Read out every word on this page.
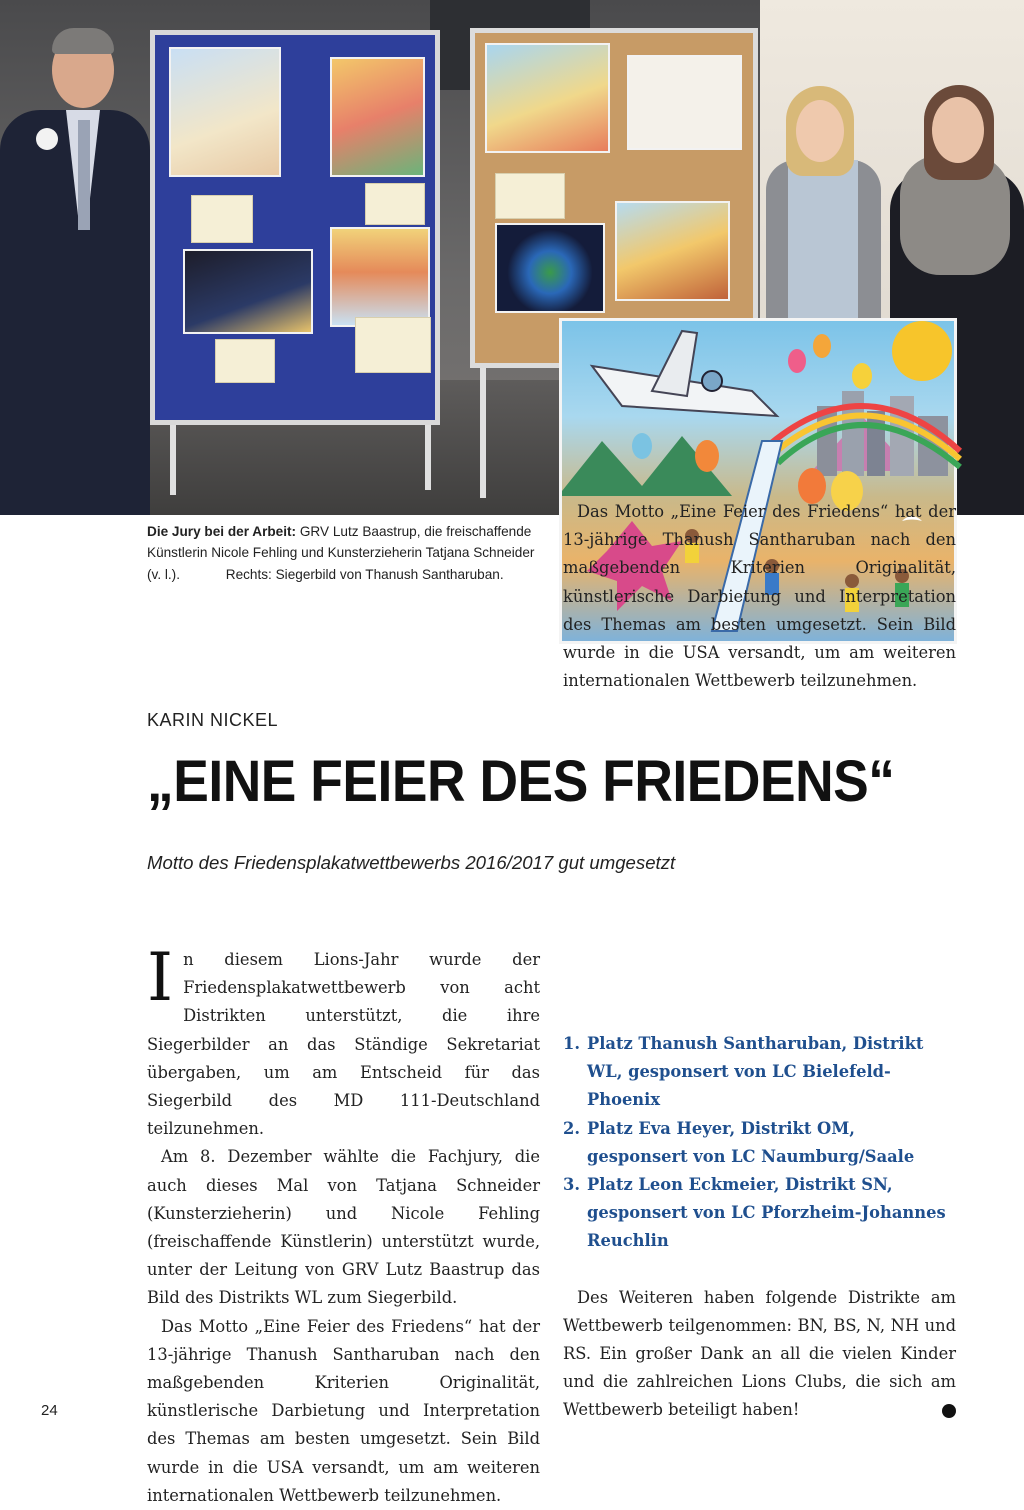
Die Jury bei der Arbeit: GRV Lutz Baastrup, die freischaffende Künstlerin Nicole Fehling und Kunsterzieherin Tatjana Schneider (v. l.).	Rechts: Siegerbild von Thanush Santharuban.
KARIN NICKEL
„EINE FEIER DES FRIEDENS“
Motto des Friedensplakatwettbewerbs 2016/2017 gut umgesetzt

In diesem Lions-Jahr wurde der Friedensplakatwettbewerb von acht Distrikten unterstützt, die ihre Siegerbilder an das Ständige Sekretariat übergaben, um am Entscheid für das Siegerbild des MD 111-Deutschland teilzunehmen.

Am 8. Dezember wählte die Fachjury, die auch dieses Mal von Tatjana Schneider (Kunsterzieherin) und Nicole Fehling (freischaffende Künstlerin) unterstützt wurde, unter der Leitung von GRV Lutz Baastrup das Bild des Distrikts WL zum Siegerbild.

Das Motto „Eine Feier des Friedens“ hat der 13-jährige Thanush Santharuban nach den maßgebenden Kriterien Originalität, künstlerische Darbietung und Interpretation des Themas am besten umgesetzt. Sein Bild wurde in die USA versandt, um am weiteren internationalen Wettbewerb teilzunehmen.

Das Motto „Eine Feier des Friedens“ hat der 13-jährige Thanush Santharuban nach den maßgebenden Kriterien Originalität, künstlerische Darbietung und Interpretation des Themas am besten umgesetzt. Sein Bild wurde in die USA versandt, um am weiteren internationalen Wettbewerb teilzunehmen.

1. Platz Thanush Santharuban, Distrikt WL, gesponsert von LC Bielefeld-Phoenix
2. Platz Eva Heyer, Distrikt OM, gesponsert von LC Naumburg/Saale
3. Platz Leon Eckmeier, Distrikt SN, gesponsert von LC Pforzheim-Johannes Reuchlin

Des Weiteren haben folgende Distrikte am Wettbewerb teilgenommen: BN, BS, N, NH und RS. Ein großer Dank an all die vielen Kinder und die zahlreichen Lions Clubs, die sich am Wettbewerb beteiligt haben!	L

24
